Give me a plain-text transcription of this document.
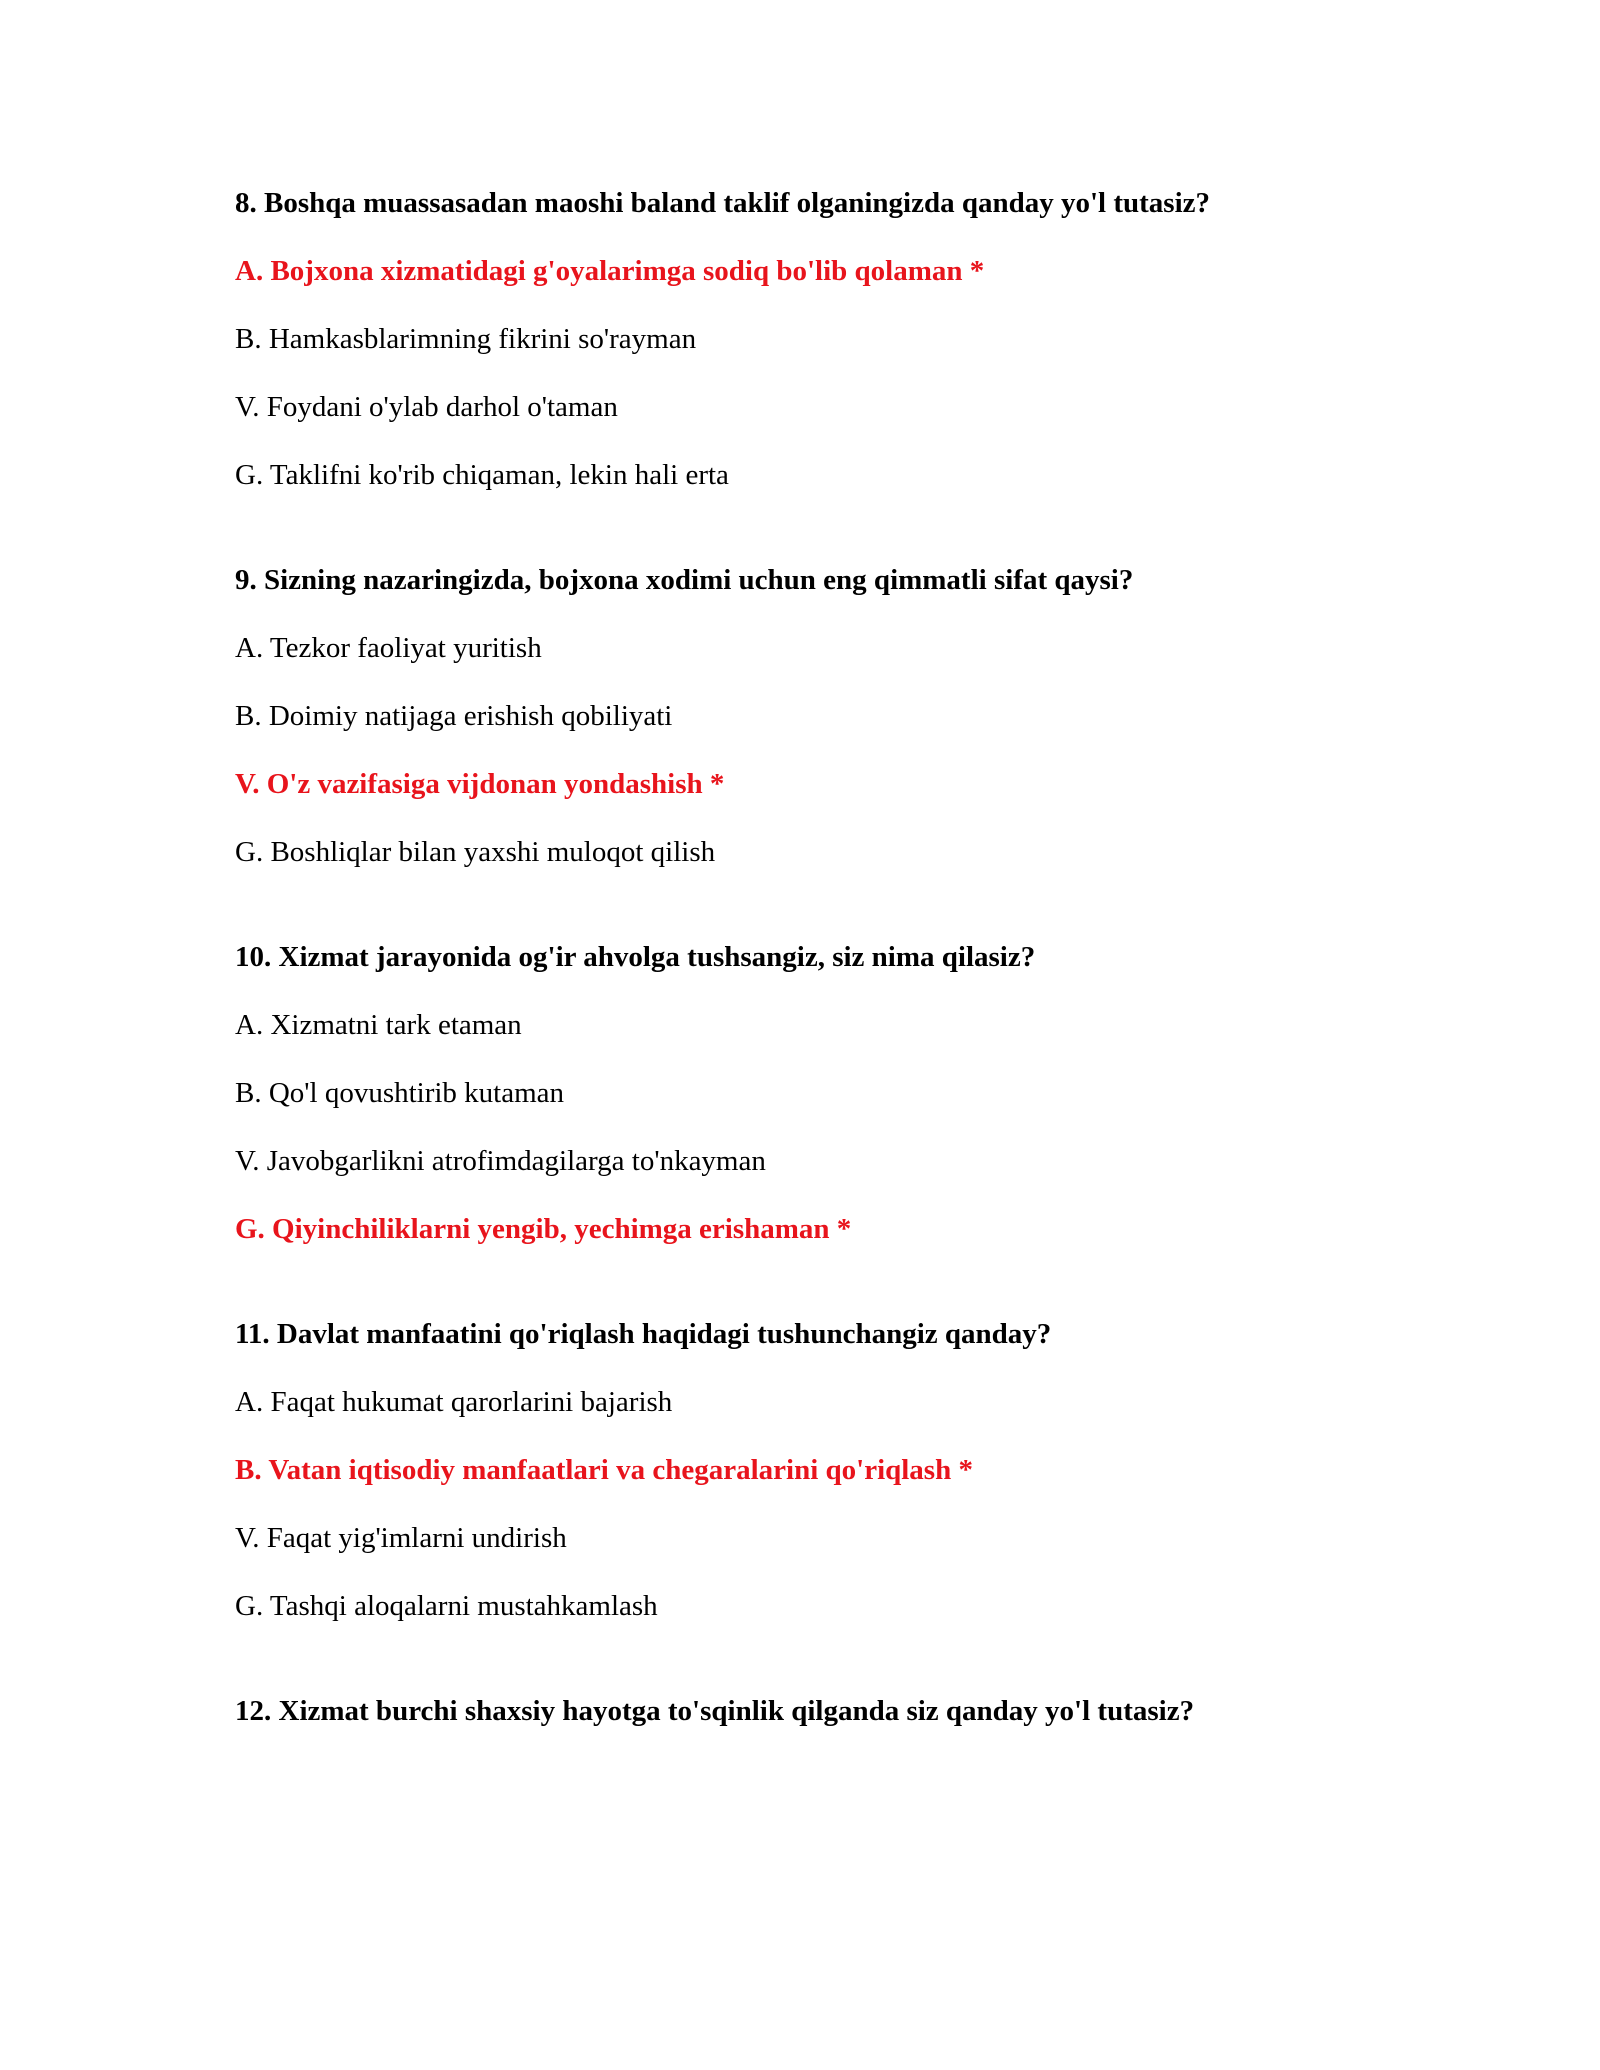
8. Boshqa muassasadan maoshi baland taklif olganingizda qanday yo'l tutasiz?
A. Bojxona xizmatidagi g'oyalarimga sodiq bo'lib qolaman *
B. Hamkasblarimning fikrini so'rayman
V. Foydani o'ylab darhol o'taman
G. Taklifni ko'rib chiqaman, lekin hali erta
9. Sizning nazaringizda, bojxona xodimi uchun eng qimmatli sifat qaysi?
A. Tezkor faoliyat yuritish
B. Doimiy natijaga erishish qobiliyati
V. O'z vazifasiga vijdonan yondashish *
G. Boshliqlar bilan yaxshi muloqot qilish
10. Xizmat jarayonida og'ir ahvolga tushsangiz, siz nima qilasiz?
A. Xizmatni tark etaman
B. Qo'l qovushtirib kutaman
V. Javobgarlikni atrofimdagilarga to'nkayman
G. Qiyinchiliklarni yengib, yechimga erishaman *
11. Davlat manfaatini qo'riqlash haqidagi tushunchangiz qanday?
A. Faqat hukumat qarorlarini bajarish
B. Vatan iqtisodiy manfaatlari va chegaralarini qo'riqlash *
V. Faqat yig'imlarni undirish
G. Tashqi aloqalarni mustahkamlash
12. Xizmat burchi shaxsiy hayotga to'sqinlik qilganda siz qanday yo'l tutasiz?
